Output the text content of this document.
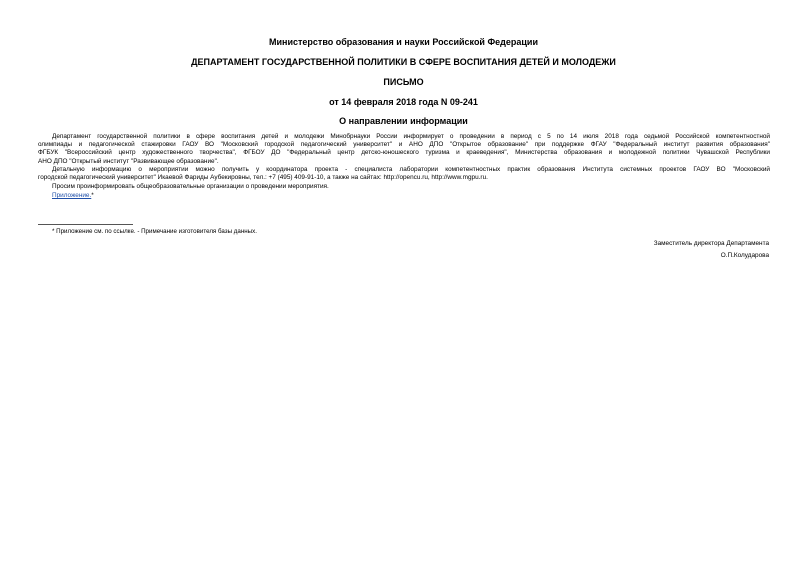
Министерство образования и науки Российской Федерации
ДЕПАРТАМЕНТ ГОСУДАРСТВЕННОЙ ПОЛИТИКИ В СФЕРЕ ВОСПИТАНИЯ ДЕТЕЙ И МОЛОДЕЖИ
ПИСЬМО
от 14 февраля 2018 года N 09-241
О направлении информации

Департамент государственной политики в сфере воспитания детей и молодежи Минобрнауки России информирует о проведении в период с 5 по 14 июля 2018 года седьмой Российской компетентностной

олимпиады и педагогической стажировки ГАОУ ВО "Московский городской педагогический университет" и АНО ДПО "Открытое образование" при поддержке ФГАУ "Федеральный институт развития образования"

ФГБУК "Всероссийский центр художественного творчества", ФГБОУ ДО "Федеральный центр детско-юношеского туризма и краеведения", Министерства образования и молодежной политики Чувашской Республики

АНО ДПО "Открытый институт "Развивающее образование".

Детальную информацию о мероприятии можно получить у координатора проекта - специалиста лаборатории компетентностных практик образования Института системных проектов ГАОУ ВО "Московский

городской педагогический университет" Икаевой Фариды Аубекировны, тел.: +7 (495) 409-91-10, а также на сайтах: http://opencu.ru, http://www.mgpu.ru.

Просим проинформировать общеобразовательные организации о проведении мероприятия.

Приложение.*

* Приложение см. по ссылке. - Примечание изготовителя базы данных.
Заместитель директора Департамента
О.П.Колударова
